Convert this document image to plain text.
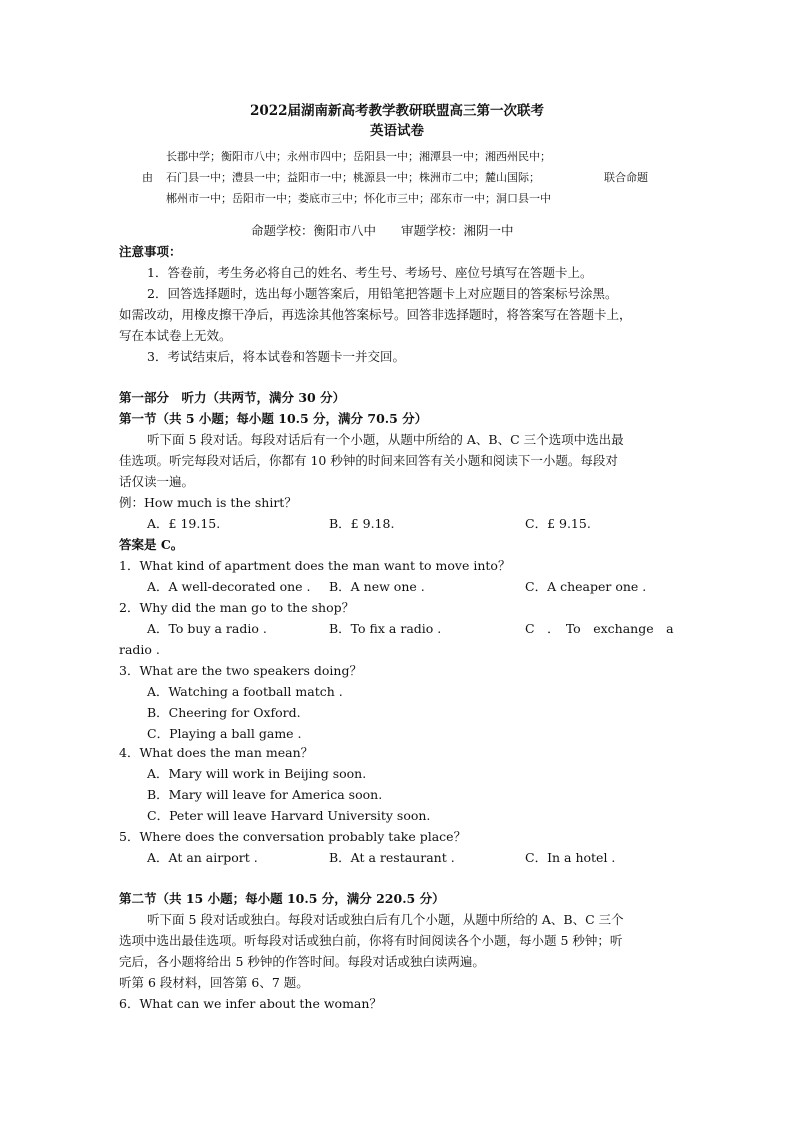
2022届湖南新高考教学教研联盟高三第一次联考
英语试卷
长郡中学；衡阳市八中；永州市四中；岳阳县一中；湘潭县一中；湘西州民中；
由 石门县一中；澧县一中；益阳市一中；桃源县一中；株洲市二中；麓山国际；	联合命题
郴州市一中；岳阳市一中；娄底市三中；怀化市三中；邵东市一中；洞口县一中
命题学校：衡阳市八中　　审题学校：湘阴一中
注意事项：
1．答卷前，考生务必将自己的姓名、考生号、考场号、座位号填写在答题卡上。
2．回答选择题时，选出每小题答案后，用铅笔把答题卡上对应题目的答案标号涂黑。
如需改动，用橡皮擦干净后，再选涂其他答案标号。回答非选择题时，将答案写在答题卡上，
写在本试卷上无效。
3．考试结束后，将本试卷和答题卡一并交回。
第一部分　听力（共两节，满分 30 分）
第一节（共 5 小题；每小题 10.5 分，满分 70.5 分）
听下面 5 段对话。每段对话后有一个小题，从题中所给的 A、B、C 三个选项中选出最
佳选项。听完每段对话后，你都有 10 秒钟的时间来回答有关小题和阅读下一小题。每段对
话仅读一遍。
例：How much is the shirt？
A．£ 19.15.	B．£ 9.18.	C．£ 9.15.
答案是 C。
1．What kind of apartment does the man want to move into？
A．A well-decorated one . B．A new one .	C．A cheaper one .
2．Why did the man go to the shop？
A．To buy a radio .	B．To fix a radio .	C　．　To　exchange　a
radio .
3．What are the two speakers doing？
A．Watching a football match .
B．Cheering for Oxford.
C．Playing a ball game .
4．What does the man mean？
A．Mary will work in Beijing soon.
B．Mary will leave for America soon.
C．Peter will leave Harvard University soon.
5．Where does the conversation probably take place？
A．At an airport .	B．At a restaurant .	C．In a hotel .
第二节（共 15 小题；每小题 10.5 分，满分 220.5 分）
听下面 5 段对话或独白。每段对话或独白后有几个小题，从题中所给的 A、B、C 三个
选项中选出最佳选项。听每段对话或独白前，你将有时间阅读各个小题，每小题 5 秒钟；听
完后，各小题将给出 5 秒钟的作答时间。每段对话或独白读两遍。
听第 6 段材料，回答第 6、7 题。
6．What can we infer about the woman？
